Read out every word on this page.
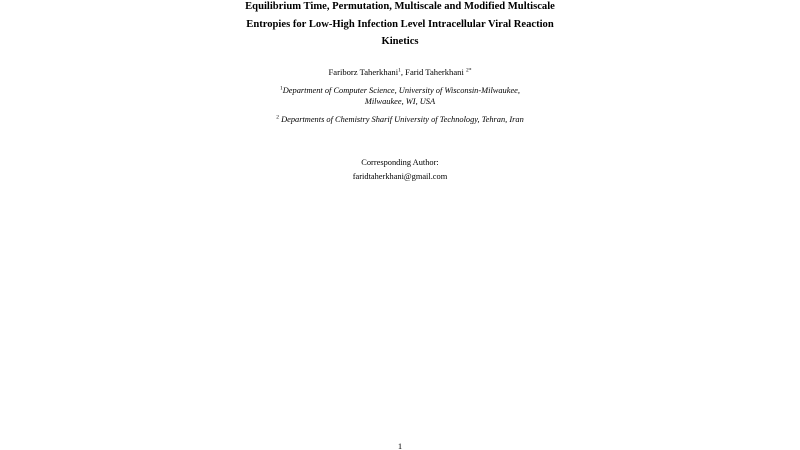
Equilibrium Time, Permutation, Multiscale and Modified Multiscale
Entropies for Low-High Infection Level Intracellular Viral Reaction
Kinetics
Fariborz Taherkhani$^1$, Farid Taherkhani $^{2*}$
$^1$Department of Computer Science, University of Wisconsin-Milwaukee,
Milwaukee, WI, USA
$^2$ Departments of Chemistry Sharif University of Technology, Tehran, Iran
Corresponding Author:
faridtaherkhani@gmail.com
1
